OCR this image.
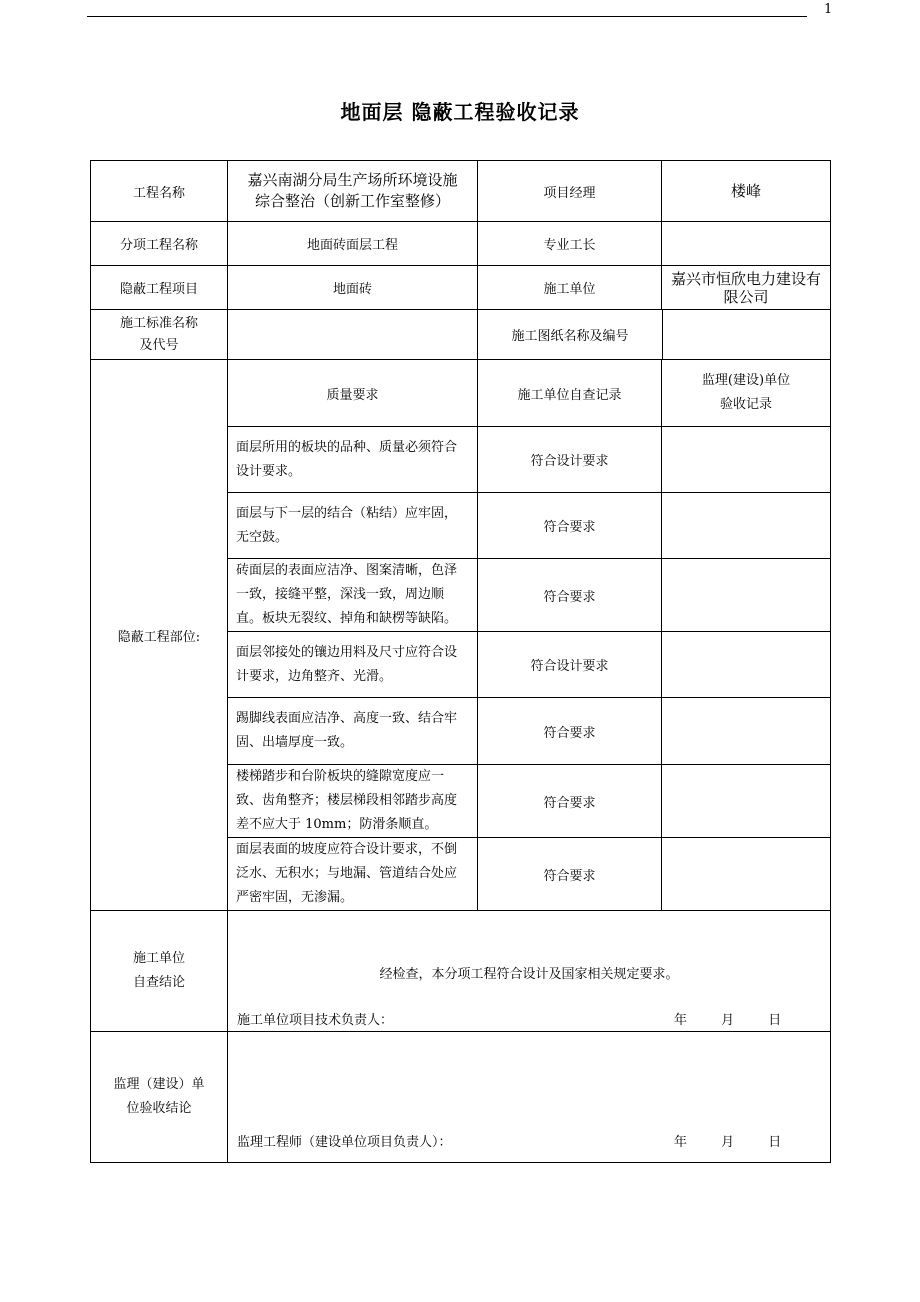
1
地面层 隐蔽工程验收记录
工程名称	嘉兴南湖分局生产场所环境设施综合整治（创新工作室整修）	项目经理	楼峰
分项工程名称	地面砖面层工程	专业工长	
隐蔽工程项目	地面砖	施工单位	嘉兴市恒欣电力建设有限公司
施工标准名称及代号		施工图纸名称及编号	

隐蔽工程部位:	质量要求	施工单位自查记录	监理(建设)单位验收记录
	面层所用的板块的品种、质量必须符合设计要求。	符合设计要求	
	面层与下一层的结合（粘结）应牢固，无空鼓。	符合要求	
	砖面层的表面应洁净、图案清晰，色泽一致，接缝平整，深浅一致，周边顺直。板块无裂纹、掉角和缺楞等缺陷。	符合要求	
	面层邻接处的镶边用料及尺寸应符合设计要求，边角整齐、光滑。	符合设计要求	
	踢脚线表面应洁净、高度一致、结合牢固、出墙厚度一致。	符合要求	
	楼梯踏步和台阶板块的缝隙宽度应一致、齿角整齐；楼层梯段相邻踏步高度差不应大于 10mm；防滑条顺直。	符合要求	
	面层表面的坡度应符合设计要求，不倒泛水、无积水；与地漏、管道结合处应严密牢固，无渗漏。	符合要求	
施工单位自查结论	经检查，本分项工程符合设计及国家相关规定要求。
施工单位项目技术负责人： 年 月 日		

监理（建设）单位验收结论	监理工程师（建设单位项目负责人）： 年 月 日		
